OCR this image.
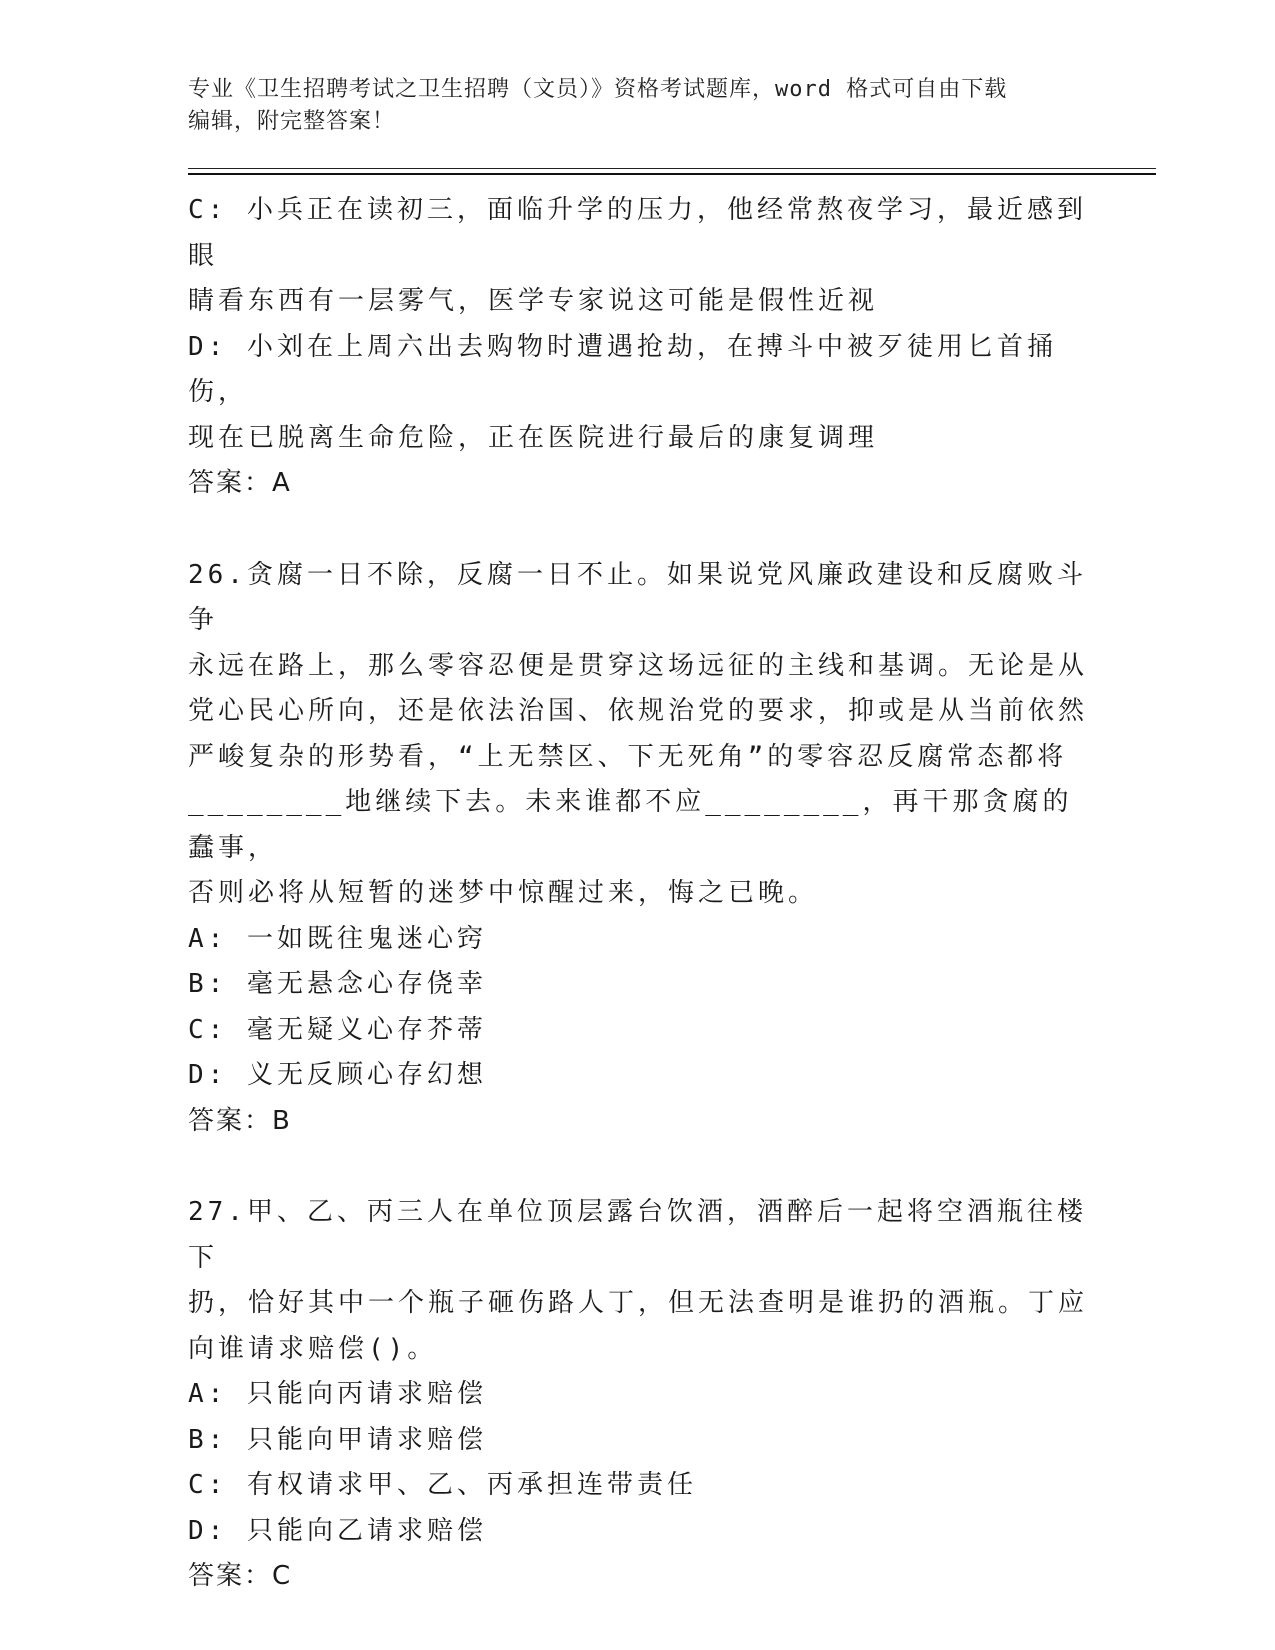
专业《卫生招聘考试之卫生招聘（文员）》资格考试题库，word 格式可自由下载
编辑，附完整答案！

C: 小兵正在读初三，面临升学的压力，他经常熬夜学习，最近感到眼

睛看东西有一层雾气，医学专家说这可能是假性近视

D: 小刘在上周六出去购物时遭遇抢劫，在搏斗中被歹徒用匕首捅伤，

现在已脱离生命危险，正在医院进行最后的康复调理

答案：A

26.贪腐一日不除，反腐一日不止。如果说党风廉政建设和反腐败斗争

永远在路上，那么零容忍便是贯穿这场远征的主线和基调。无论是从

党心民心所向，还是依法治国、依规治党的要求，抑或是从当前依然

严峻复杂的形势看，“上无禁区、下无死角”的零容忍反腐常态都将

________地继续下去。未来谁都不应________，再干那贪腐的蠢事，

否则必将从短暂的迷梦中惊醒过来，悔之已晚。

A: 一如既往鬼迷心窍

B: 毫无悬念心存侥幸

C: 毫无疑义心存芥蒂

D: 义无反顾心存幻想

答案：B

27.甲、乙、丙三人在单位顶层露台饮酒，酒醉后一起将空酒瓶往楼下

扔，恰好其中一个瓶子砸伤路人丁，但无法查明是谁扔的酒瓶。丁应

向谁请求赔偿()。

A: 只能向丙请求赔偿

B: 只能向甲请求赔偿

C: 有权请求甲、乙、丙承担连带责任

D: 只能向乙请求赔偿

答案：C
